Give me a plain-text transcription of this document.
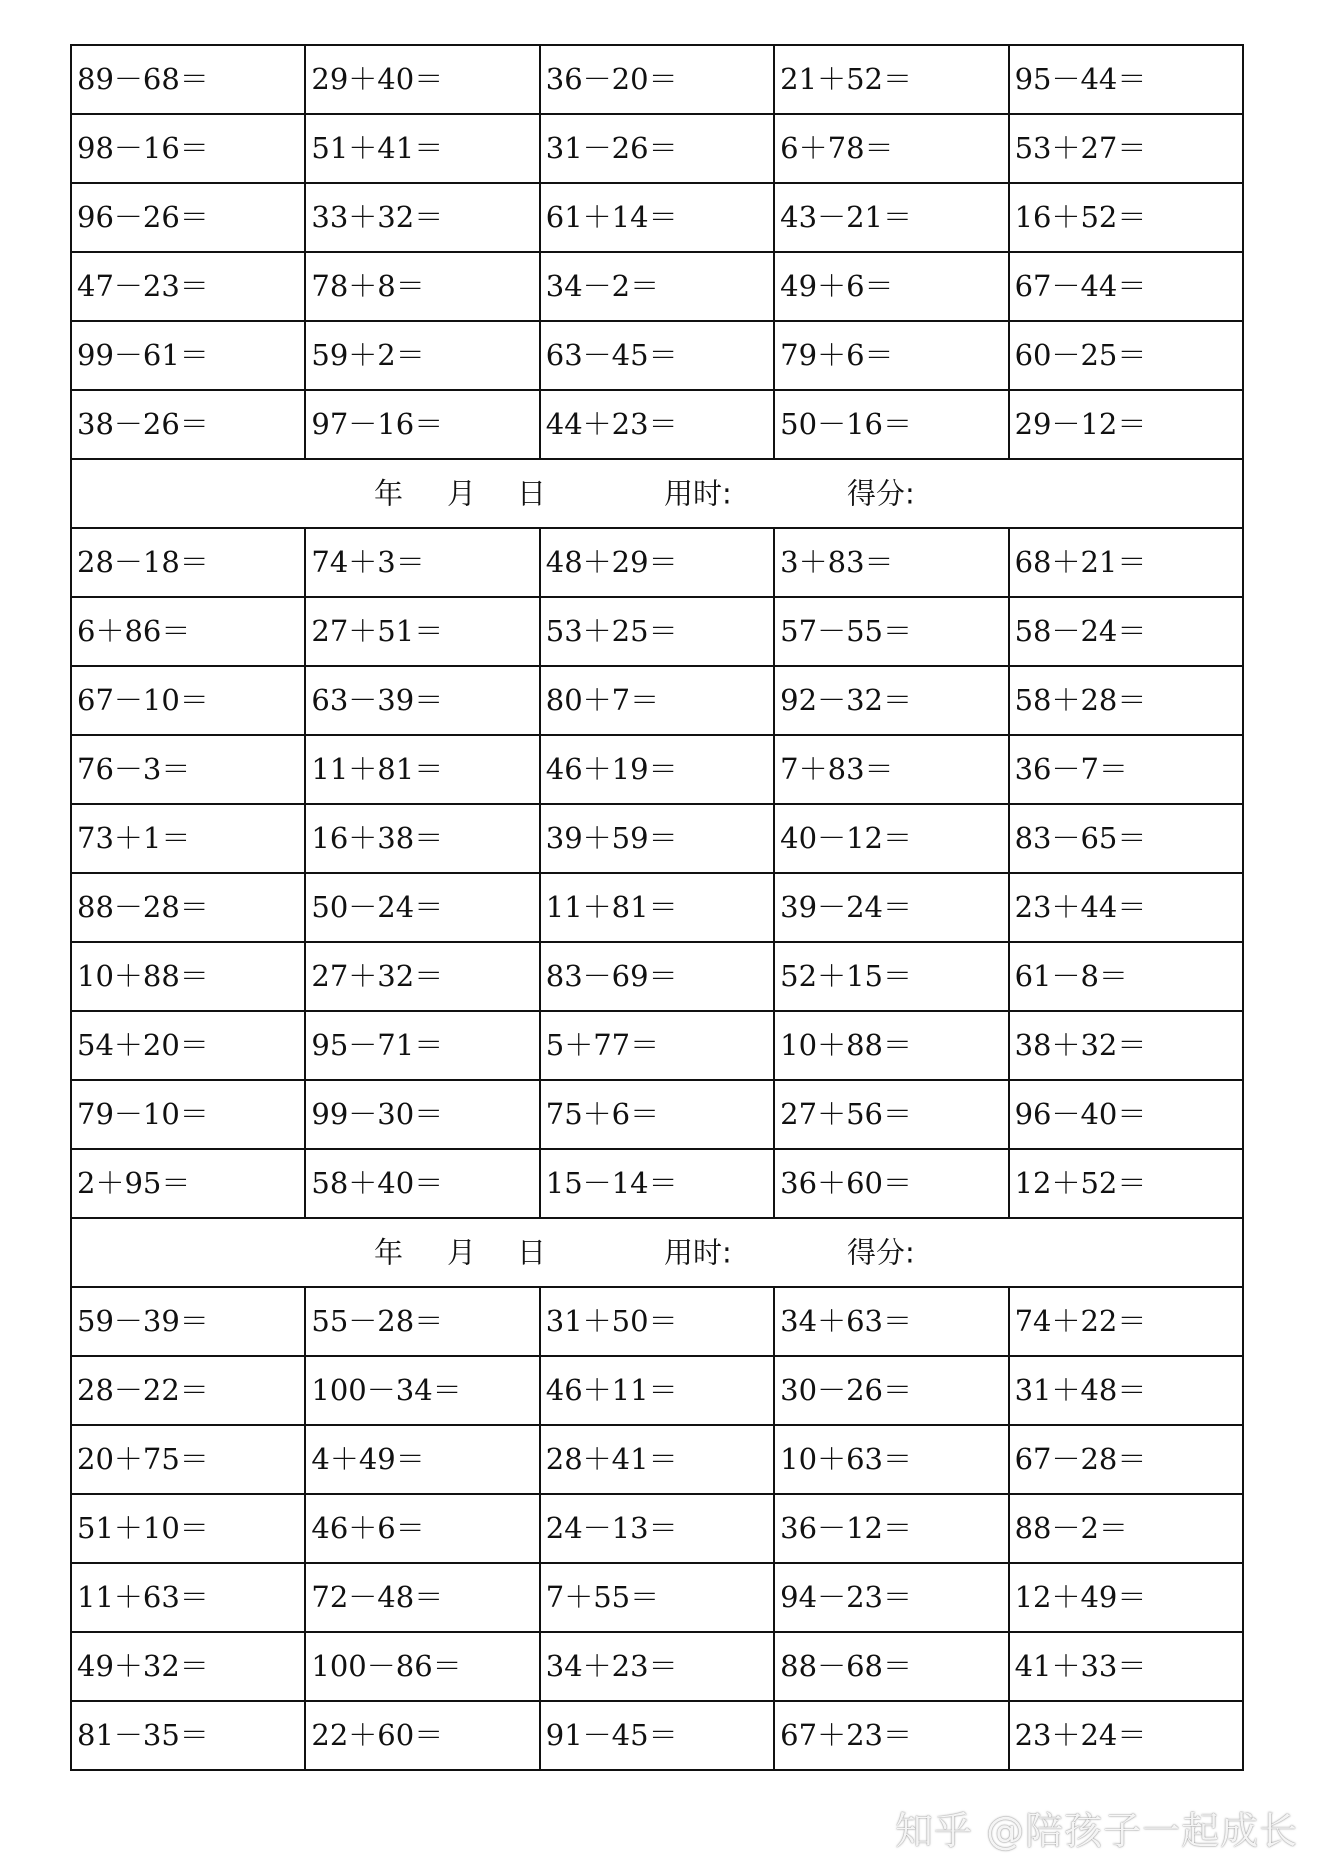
89－68＝	29＋40＝	36－20＝	21＋52＝	95－44＝
98－16＝	51＋41＝	31－26＝	6＋78＝	53＋27＝
96－26＝	33＋32＝	61＋14＝	43－21＝	16＋52＝
47－23＝	78＋8＝	34－2＝	49＋6＝	67－44＝
99－61＝	59＋2＝	63－45＝	79＋6＝	60－25＝
38－26＝	97－16＝	44＋23＝	50－16＝	29－12＝

年 月 日 用时: 得分:				

28－18＝	74＋3＝	48＋29＝	3＋83＝	68＋21＝
6＋86＝	27＋51＝	53＋25＝	57－55＝	58－24＝
67－10＝	63－39＝	80＋7＝	92－32＝	58＋28＝
76－3＝	11＋81＝	46＋19＝	7＋83＝	36－7＝
73＋1＝	16＋38＝	39＋59＝	40－12＝	83－65＝
88－28＝	50－24＝	11＋81＝	39－24＝	23＋44＝
10＋88＝	27＋32＝	83－69＝	52＋15＝	61－8＝
54＋20＝	95－71＝	5＋77＝	10＋88＝	38＋32＝
79－10＝	99－30＝	75＋6＝	27＋56＝	96－40＝
2＋95＝	58＋40＝	15－14＝	36＋60＝	12＋52＝

年 月 日 用时: 得分:				

59－39＝	55－28＝	31＋50＝	34＋63＝	74＋22＝
28－22＝	100－34＝	46＋11＝	30－26＝	31＋48＝
20＋75＝	4＋49＝	28＋41＝	10＋63＝	67－28＝
51＋10＝	46＋6＝	24－13＝	36－12＝	88－2＝
11＋63＝	72－48＝	7＋55＝	94－23＝	12＋49＝
49＋32＝	100－86＝	34＋23＝	88－68＝	41＋33＝
81－35＝	22＋60＝	91－45＝	67＋23＝	23＋24＝
知乎 @陪孩子一起成长
